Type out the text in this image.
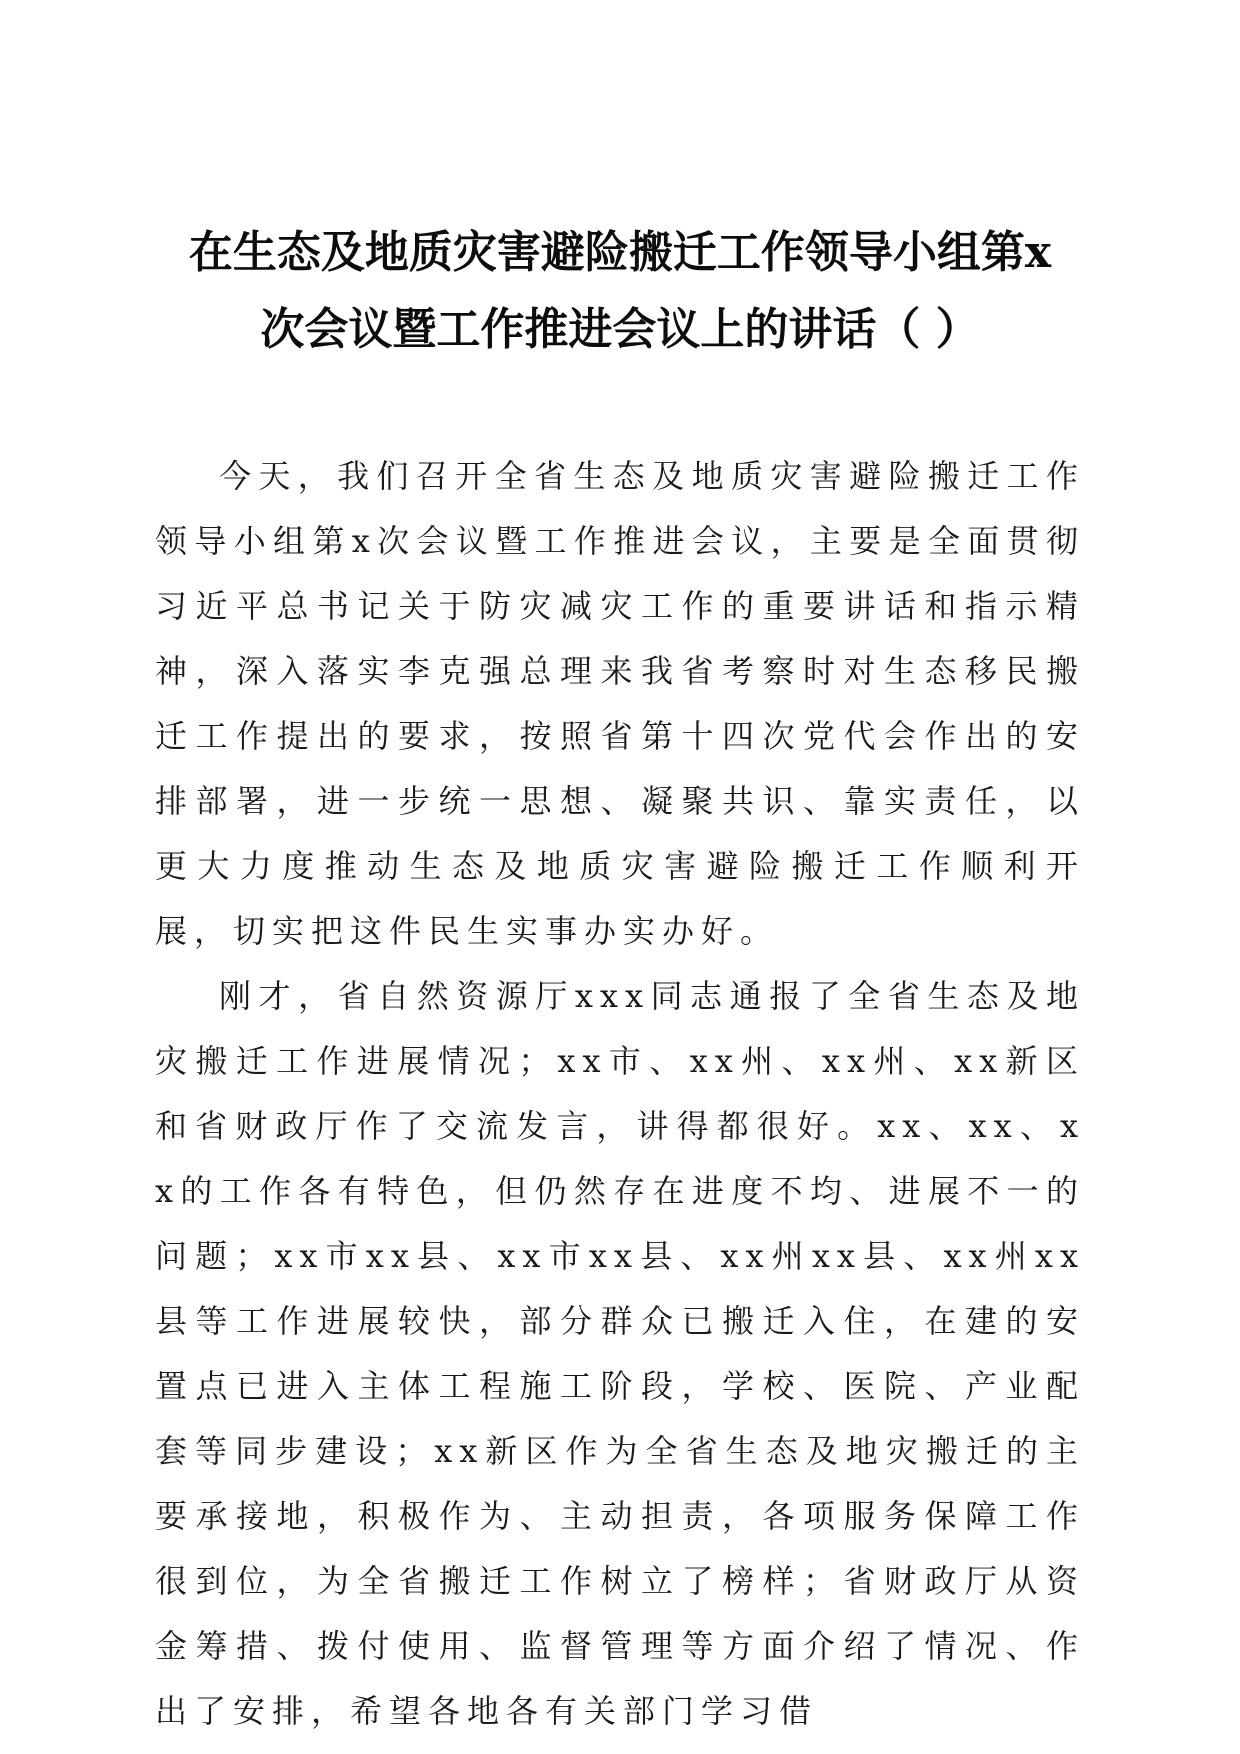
在生态及地质灾害避险搬迁工作领导小组第x
次会议暨工作推进会议上的讲话（ ）

今天，我们召开全省生态及地质灾害避险搬迁工作领导小组第x次会议暨工作推进会议，主要是全面贯彻习近平总书记关于防灾减灾工作的重要讲话和指示精神，深入落实李克强总理来我省考察时对生态移民搬迁工作提出的要求，按照省第十四次党代会作出的安排部署，进一步统一思想、凝聚共识、靠实责任，以更大力度推动生态及地质灾害避险搬迁工作顺利开展，切实把这件民生实事办实办好。

刚才，省自然资源厅xxx同志通报了全省生态及地灾搬迁工作进展情况；xx市、xx州、xx州、xx新区和省财政厅作了交流发言，讲得都很好。xx、xx、xx的工作各有特色，但仍然存在进度不均、进展不一的问题；xx市xx县、xx市xx县、xx州xx县、xx州xx县等工作进展较快，部分群众已搬迁入住，在建的安置点已进入主体工程施工阶段，学校、医院、产业配套等同步建设；xx新区作为全省生态及地灾搬迁的主要承接地，积极作为、主动担责，各项服务保障工作很到位，为全省搬迁工作树立了榜样；省财政厅从资金筹措、拨付使用、监督管理等方面介绍了情况、作出了安排，希望各地各有关部门学习借
